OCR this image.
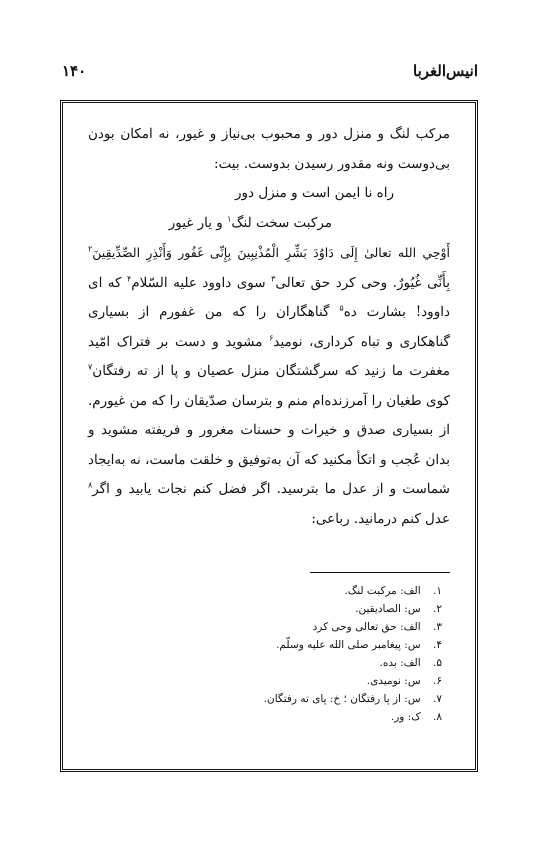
انیس‌الغربا
۱۴۰

مرکب لنگ و منزل دور و محبوب بی‌نیاز و غیور، نه امکان بودن بی‌دوست ونه مقدور رسیدن بدوست. بیت:

راه نا ایمن است و منزل دور

مرکبت سخت لنگ$^۱$ و یار غیور

أَوْحِي الله تعالیٰ إِلَی دَاوُدَ بَشِّرِ الْمُذْنِبِينَ بِإِنِّی غَفُور وَأَنْذِرِ الصِّدِّيقِينَ$^۲$ بِأَنِّی غُيُورٌ. وحی کرد حق تعالی$^۳$ سوی داوود علیه السّلام$^۴$ که ای داوود! بشارت ده$^۵$ گناهگاران را که من غفورم از بسیاری گناهکاری و تباه کرداری، نومید$^۶$ مشوید و دست بر فتراک امّید مغفرت ما زنید که سرگشتگان منزل عصیان و پا از ته رفتگان$^۷$ کوی طغیان را آمرزنده‌ام منم و بترسان صدّیقان را که من غیورم. از بسیاری صدق و خیرات و حسنات مغرور و فریفته مشوید و بدان عُجب و اتکأ مکنید که آن به‌توفیق و خلقت ماست، نه به‌ایجاد شماست و از عدل ما بترسید. اگر فضل کنم نجات یابید و اگر$^۸$ عدل کنم درمانید. رباعی:

۱. الف: مرکبت لنگ.
۲. س: الصادیقین.
۳. الف: حق تعالی وحی کرد
۴. س: پیغامبر صلی الله علیه وسلّم.
۵. الف: بده.
۶. س: نومیدی.
۷. س: از پا رفتگان ؛ خ: پای ته رفتگان.
۸. ک: ور.
